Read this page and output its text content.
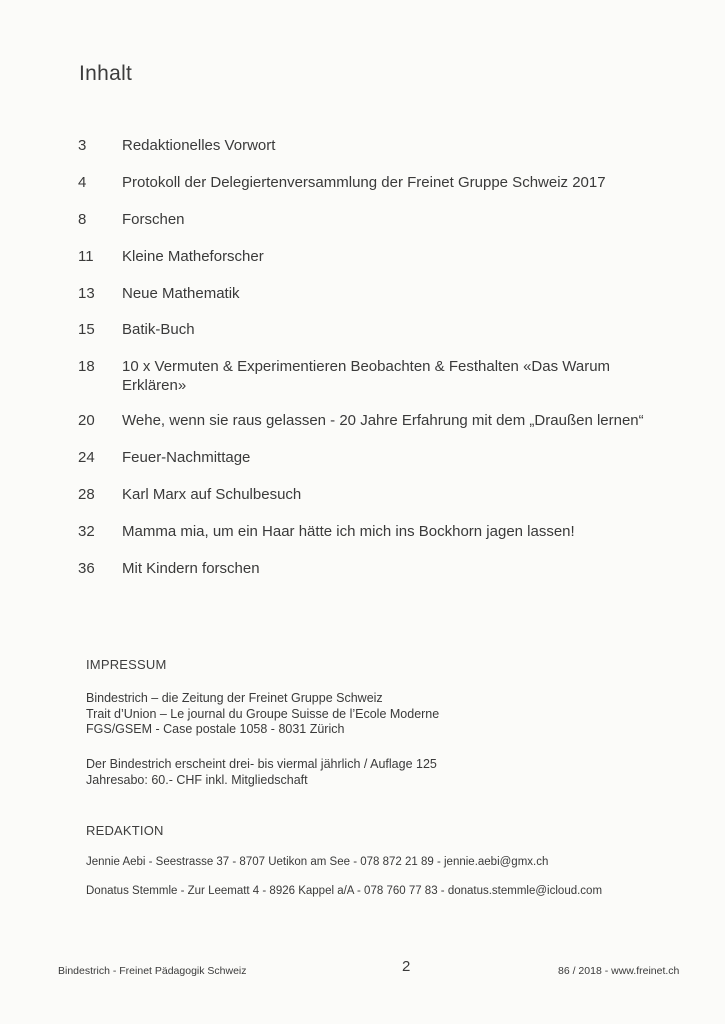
Inhalt
3	Redaktionelles Vorwort
4	Protokoll der Delegiertenversammlung der Freinet Gruppe Schweiz 2017
8	Forschen
11	Kleine Matheforscher
13	Neue Mathematik
15	Batik-Buch
18	10 x Vermuten & Experimentieren Beobachten & Festhalten «Das Warum Erklären»
20	Wehe, wenn sie raus gelassen - 20 Jahre Erfahrung mit dem „Draußen lernen“
24	Feuer-Nachmittage
28	Karl Marx auf Schulbesuch
32	Mamma mia, um ein Haar hätte ich mich ins Bockhorn jagen lassen!
36	Mit Kindern forschen
IMPRESSUM
Bindestrich – die Zeitung der Freinet Gruppe Schweiz
Trait d’Union – Le journal du Groupe Suisse de l’Ecole Moderne
FGS/GSEM - Case postale 1058 - 8031 Zürich
Der Bindestrich erscheint drei- bis viermal jährlich / Auflage 125
Jahresabo: 60.- CHF inkl. Mitgliedschaft
REDAKTION
Jennie Aebi - Seestrasse 37 - 8707 Uetikon am See - 078 872 21 89 - jennie.aebi@gmx.ch
Donatus Stemmle - Zur Leematt 4 - 8926 Kappel a/A - 078 760 77 83 - donatus.stemmle@icloud.com
Bindestrich - Freinet Pädagogik Schweiz	2	86 / 2018 - www.freinet.ch
